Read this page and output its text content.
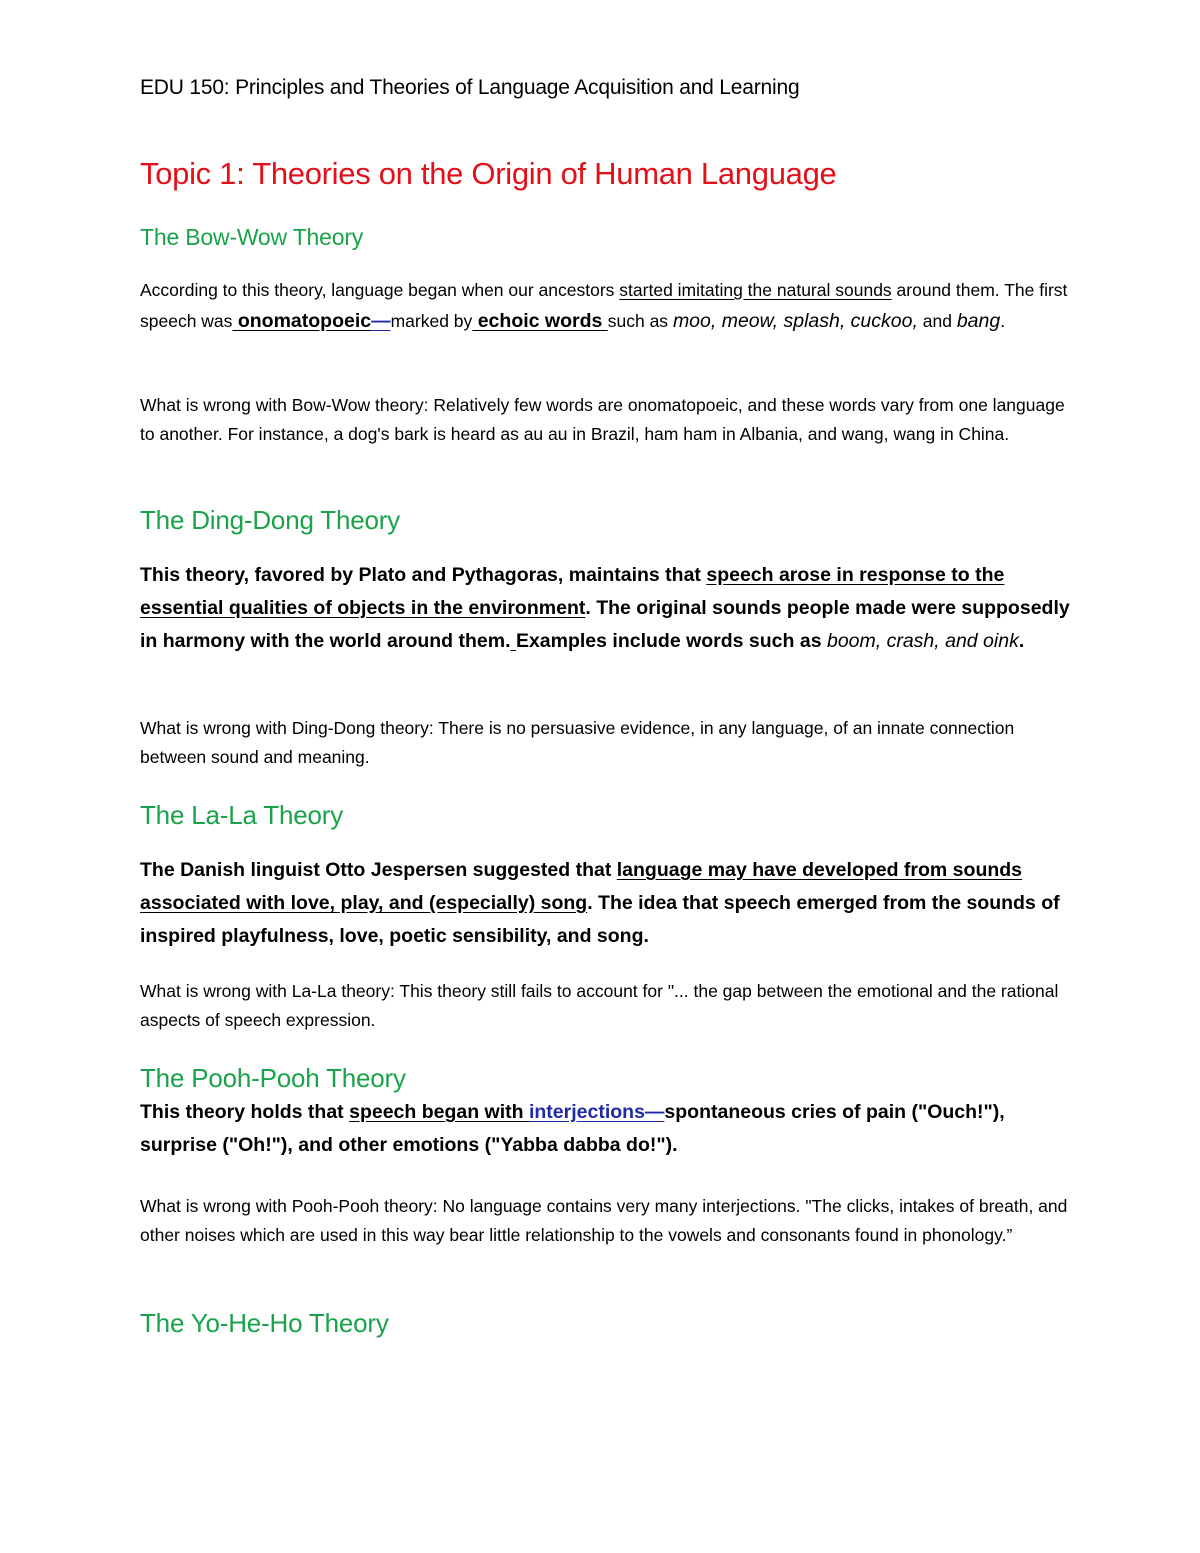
EDU 150: Principles and Theories of Language Acquisition and Learning
Topic 1: Theories on the Origin of Human Language
The Bow-Wow Theory

According to this theory, language began when our ancestors started imitating the natural sounds around them. The first speech was onomatopoeic—marked by echoic words such as moo, meow, splash, cuckoo, and bang.

What is wrong with Bow-Wow theory: Relatively few words are onomatopoeic, and these words vary from one language to another. For instance, a dog's bark is heard as au au in Brazil, ham ham in Albania, and wang, wang in China.

The Ding-Dong Theory

This theory, favored by Plato and Pythagoras, maintains that speech arose in response to the essential qualities of objects in the environment. The original sounds people made were supposedly in harmony with the world around them. Examples include words such as boom, crash, and oink.

What is wrong with Ding-Dong theory: There is no persuasive evidence, in any language, of an innate connection between sound and meaning.

The La-La Theory

The Danish linguist Otto Jespersen suggested that language may have developed from sounds associated with love, play, and (especially) song. The idea that speech emerged from the sounds of inspired playfulness, love, poetic sensibility, and song.

What is wrong with La-La theory: This theory still fails to account for "... the gap between the emotional and the rational aspects of speech expression.

The Pooh-Pooh Theory

This theory holds that speech began with interjections—spontaneous cries of pain ("Ouch!"), surprise ("Oh!"), and other emotions ("Yabba dabba do!").

What is wrong with Pooh-Pooh theory: No language contains very many interjections. "The clicks, intakes of breath, and other noises which are used in this way bear little relationship to the vowels and consonants found in phonology.”

The Yo-He-Ho Theory
